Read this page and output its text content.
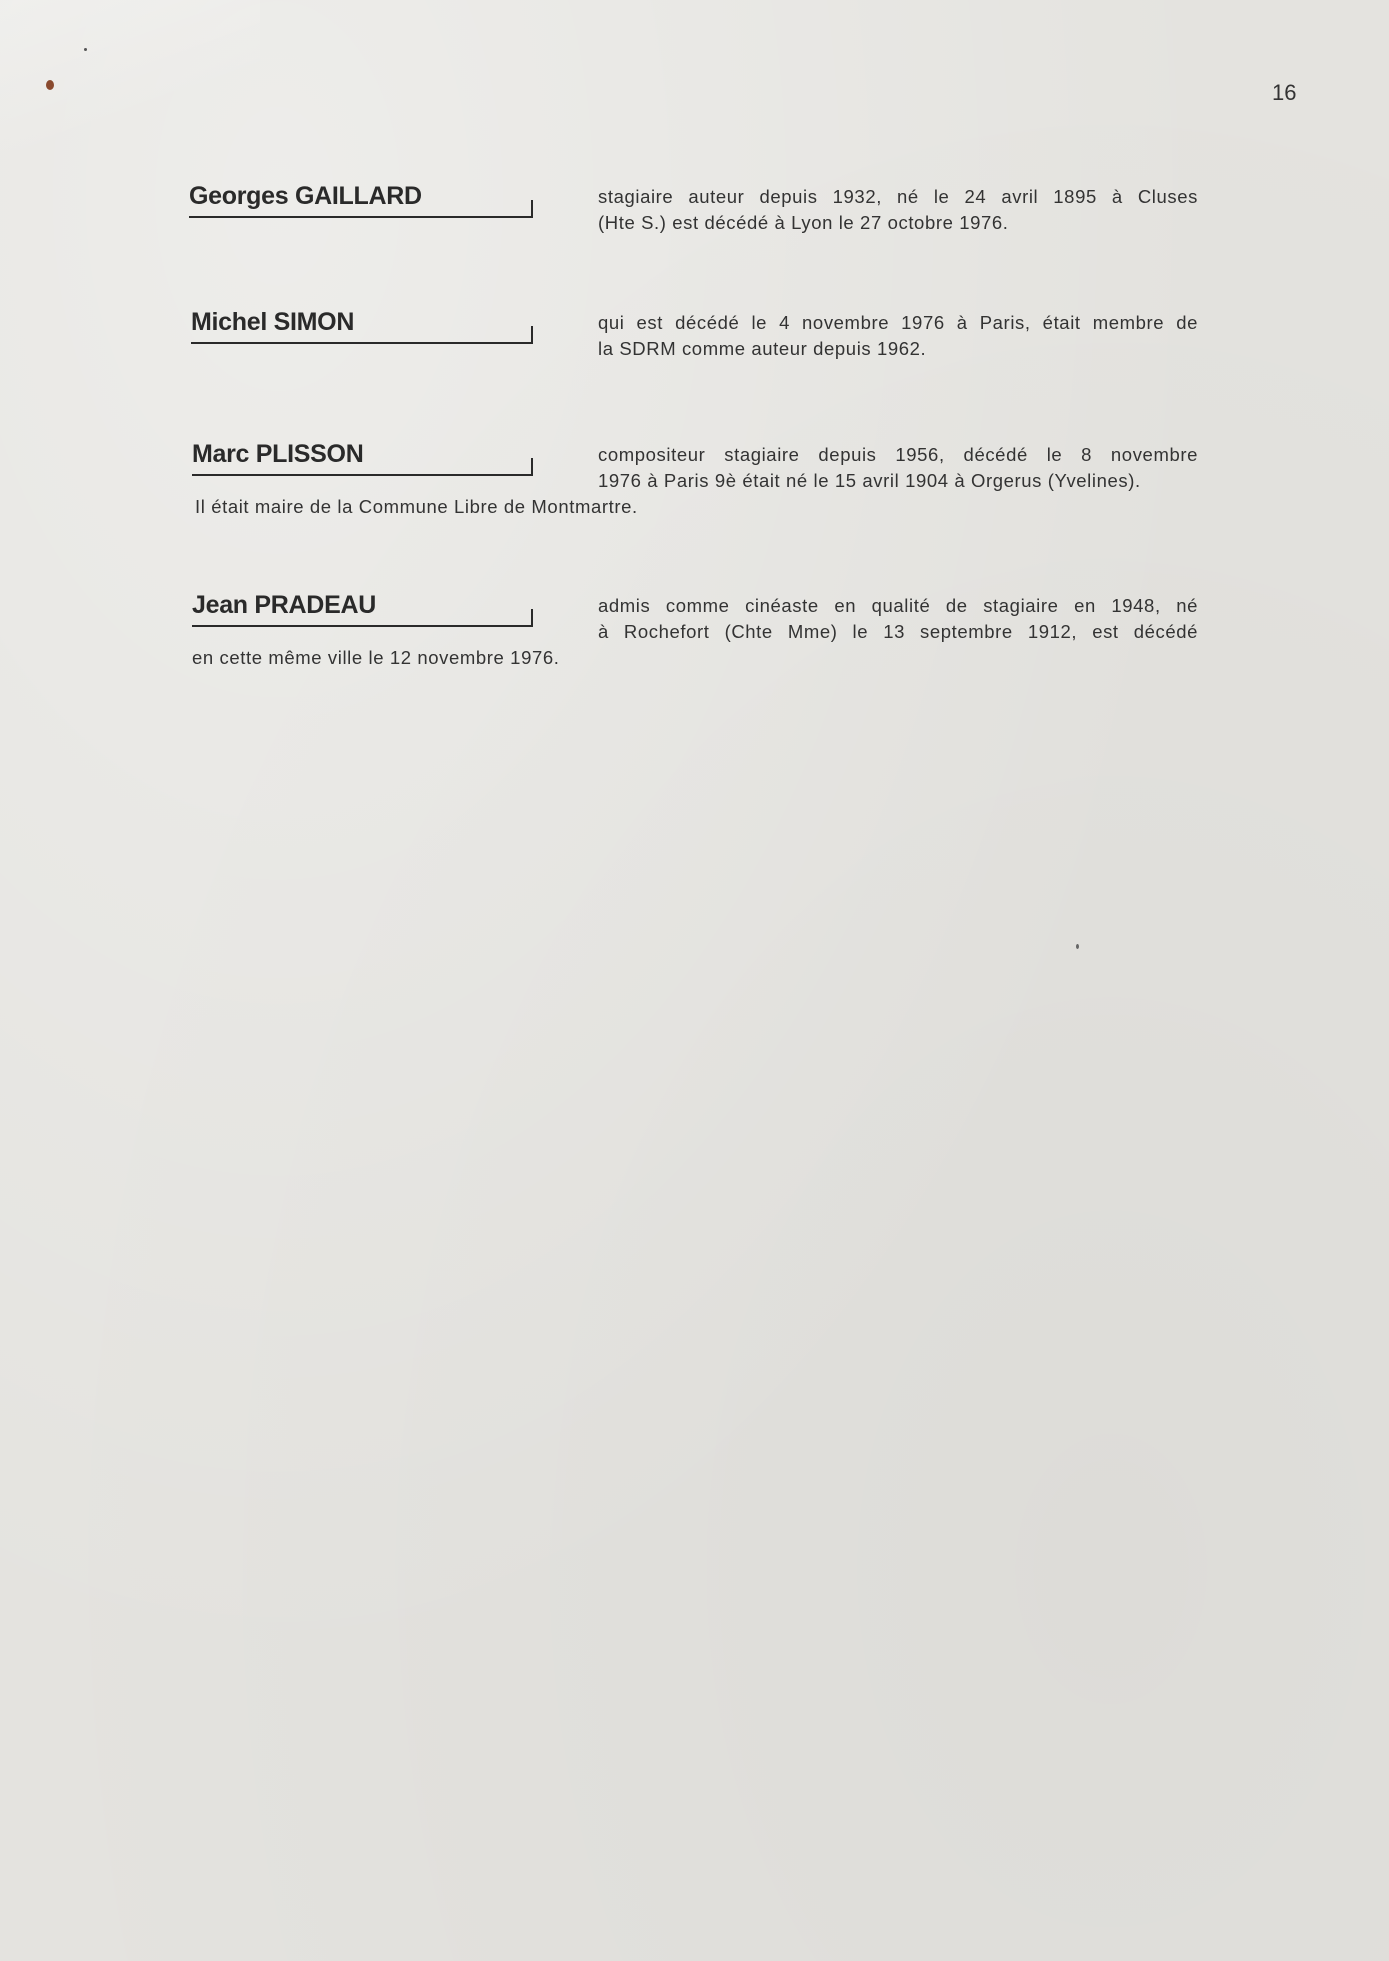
16
Georges GAILLARD	stagiaire auteur depuis 1932, né le 24 avril 1895 à Cluses
(Hte S.) est décédé à Lyon le 27 octobre 1976.
Michel SIMON	qui est décédé le 4 novembre 1976 à Paris, était membre de
la SDRM comme auteur depuis 1962.
Marc PLISSON	compositeur stagiaire depuis 1956, décédé le 8 novembre
1976 à Paris 9è était né le 15 avril 1904 à Orgerus (Yvelines).
Il était maire de la Commune Libre de Montmartre.
Jean PRADEAU	admis comme cinéaste en qualité de stagiaire en 1948, né
à Rochefort (Chte Mme) le 13 septembre 1912, est décédé
en cette même ville le 12 novembre 1976.
